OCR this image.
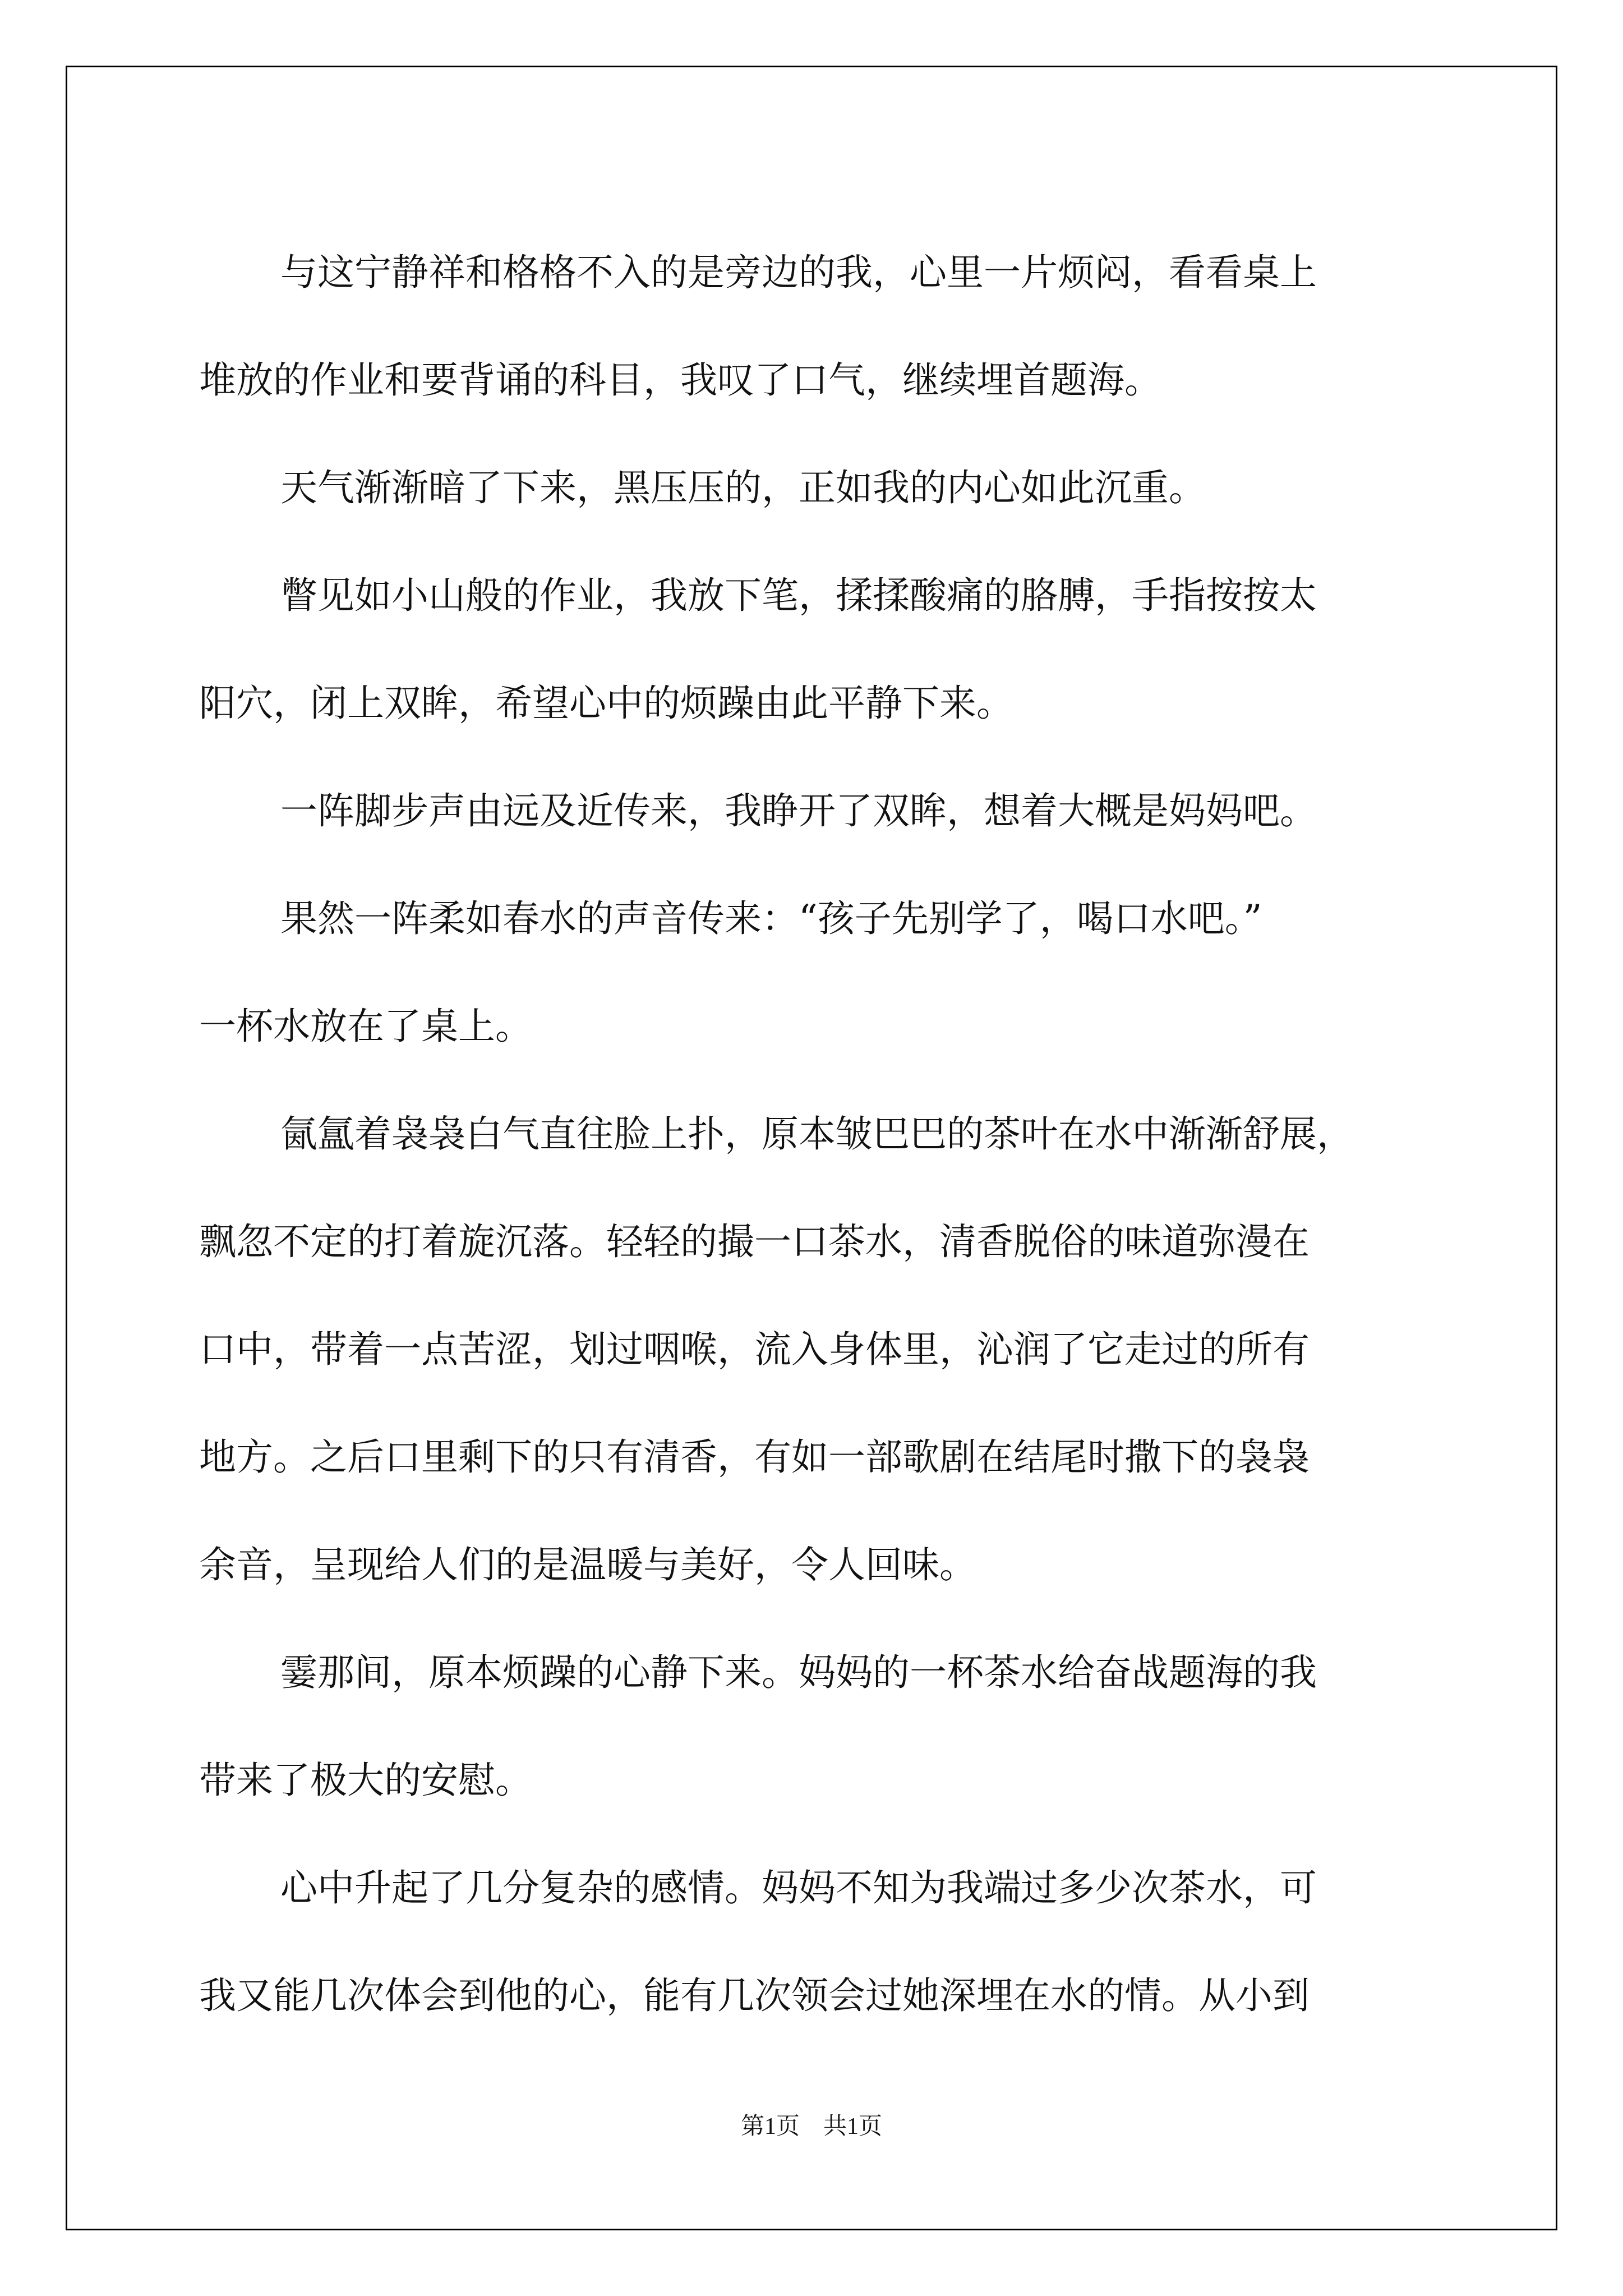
与这宁静祥和格格不入的是旁边的我，心里一片烦闷，看看桌上
堆放的作业和要背诵的科目，我叹了口气，继续埋首题海。
天气渐渐暗了下来，黑压压的，正如我的内心如此沉重。
瞥见如小山般的作业，我放下笔，揉揉酸痛的胳膊，手指按按太
阳穴，闭上双眸，希望心中的烦躁由此平静下来。
一阵脚步声由远及近传来，我睁开了双眸，想着大概是妈妈吧。
果然一阵柔如春水的声音传来：“孩子先别学了，喝口水吧。”
一杯水放在了桌上。
氤氲着袅袅白气直往脸上扑，原本皱巴巴的茶叶在水中渐渐舒展，
飘忽不定的打着旋沉落。轻轻的撮一口茶水，清香脱俗的味道弥漫在
口中，带着一点苦涩，划过咽喉，流入身体里，沁润了它走过的所有
地方。之后口里剩下的只有清香，有如一部歌剧在结尾时撒下的袅袅
余音，呈现给人们的是温暖与美好，令人回味。
霎那间，原本烦躁的心静下来。妈妈的一杯茶水给奋战题海的我
带来了极大的安慰。
心中升起了几分复杂的感情。妈妈不知为我端过多少次茶水，可
我又能几次体会到他的心，能有几次领会过她深埋在水的情。从小到
第1页　共1页
